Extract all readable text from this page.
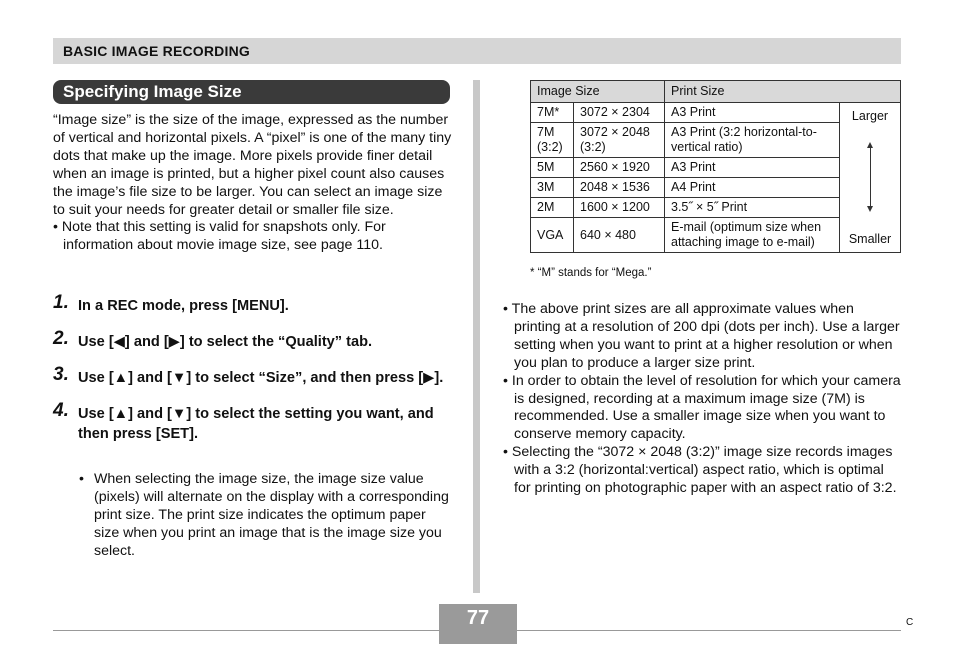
BASIC IMAGE RECORDING
Specifying Image Size

“Image size” is the size of the image, expressed as the number of vertical and horizontal pixels. A “pixel” is one of the many tiny dots that make up the image. More pixels provide finer detail when an image is printed, but a higher pixel count also causes the image’s file size to be larger. You can select an image size to suit your needs for greater detail or smaller file size.

• Note that this setting is valid for snapshots only. For information about movie image size, see page 110.

1. In a REC mode, press [MENU].
2. Use [◀] and [▶] to select the “Quality” tab.
3. Use [▲] and [▼] to select “Size”, and then press [▶].
4. Use [▲] and [▼] to select the setting you want, and then press [SET].
• When selecting the image size, the image size value (pixels) will alternate on the display with a corresponding print size. The print size indicates the optimum paper size when you print an image that is the image size you select.
Image Size		Print Size	
7M*	3072 × 2304	A3 Print	Larger
Smaller

7M (3:2)	3072 × 2048 (3:2)	A3 Print (3:2 horizontal-to-vertical ratio)	
5M	2560 × 1920	A3 Print	
3M	2048 × 1536	A4 Print	
2M	1600 × 1200	3.5˝ × 5˝ Print	
VGA	640 × 480	E-mail (optimum size when attaching image to e-mail)	
* “M” stands for “Mega.”

• The above print sizes are all approximate values when printing at a resolution of 200 dpi (dots per inch). Use a larger setting when you want to print at a higher resolution or when you plan to produce a larger size print.

• In order to obtain the level of resolution for which your camera is designed, recording at a maximum image size (7M) is recommended. Use a smaller image size when you want to conserve memory capacity.

• Selecting the “3072 × 2048 (3:2)” image size records images with a 3:2 (horizontal:vertical) aspect ratio, which is optimal for printing on photographic paper with an aspect ratio of 3:2.

77	C
